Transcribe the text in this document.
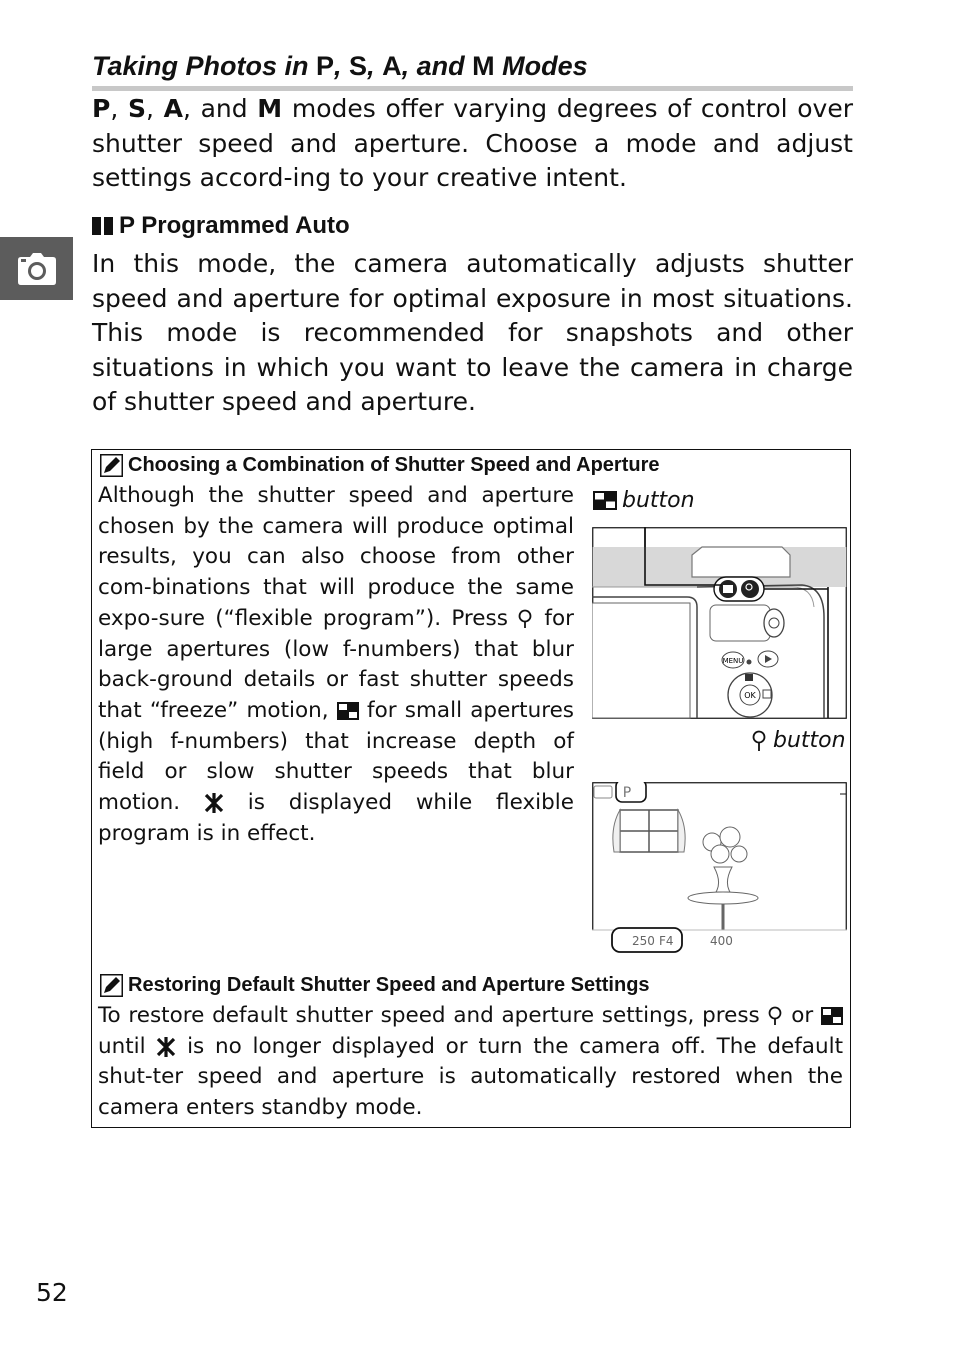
Taking Photos in P, S, A, and M Modes

P, S, A, and M modes offer varying degrees of control over shutter speed and aperture. Choose a mode and adjust settings accord-ing to your creative intent.

P Programmed Auto

In this mode, the camera automatically adjusts shutter speed and aperture for optimal exposure in most situations. This mode is recommended for snapshots and other situations in which you want to leave the camera in charge of shutter speed and aperture.

Choosing a Combination of Shutter Speed and Aperture

Although the shutter speed and aperture chosen by the camera will produce optimal results, you can also choose from other com-binations that will produce the same expo-sure (“flexible program”). Press  for large apertures (low f-numbers) that blur back-ground details or fast shutter speeds that “freeze” motion,  for small apertures (high f-numbers) that increase depth of field or slow shutter speeds that blur motion.  is displayed while flexible program is in effect.

button
MENU
OK
button
P
250 F4	400
Restoring Default Shutter Speed and Aperture Settings

To restore default shutter speed and aperture settings, press  or  until  is no longer displayed or turn the camera off. The default shut-ter speed and aperture is automatically restored when the camera enters standby mode.

52
